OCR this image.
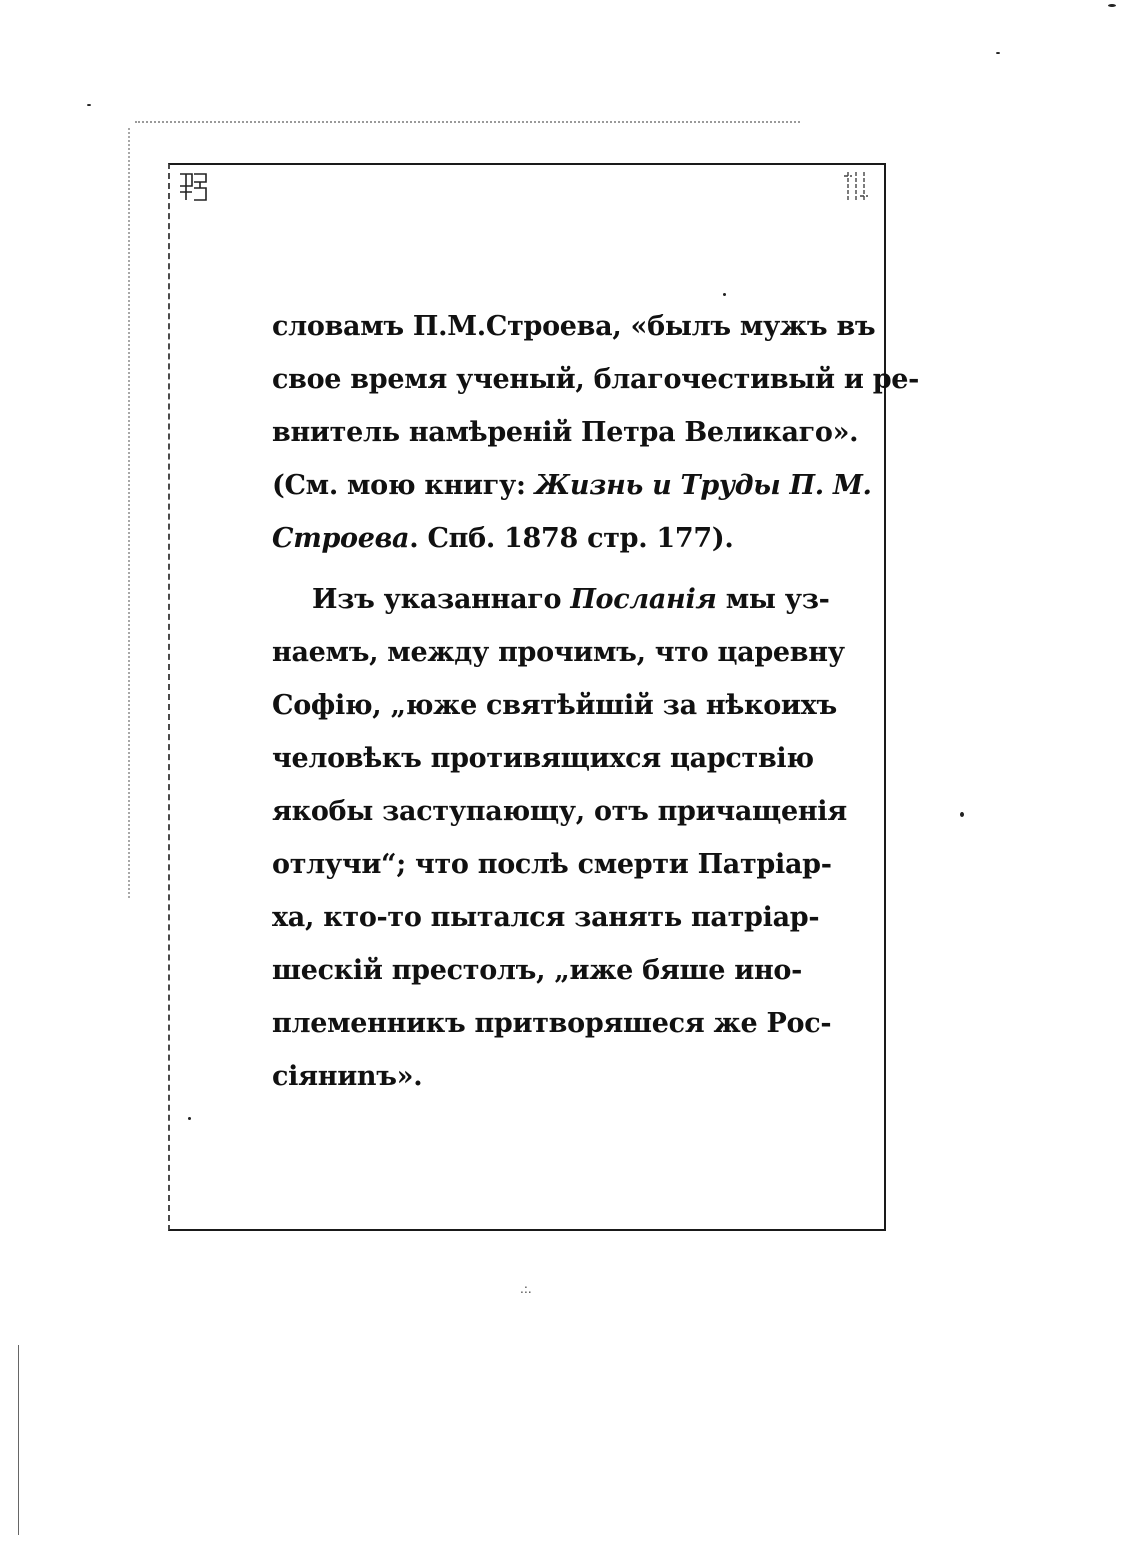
словамъ П.М.Строева, «былъ мужъ въ
свое время ученый, благочестивый и ре-
внитель намѣреній Петра Великаго».
(См. мою книгу: Жизнь и Труды П. М.
Строева. Спб. 1878 стр. 177).
Изъ указаннаго Посланія мы уз-
наемъ, между прочимъ, что царевну
Софію, „юже святѣйшій за нѣкоихъ
человѣкъ противящихся царствію
якобы заступающу, отъ причащенія
отлучи“; что послѣ смерти Патріар-
ха, кто-то пытался занять патріар-
шескій престолъ, „иже бяше ино-
племенникъ притворяшеся же Рос-
сіяниnъ».
.:.
